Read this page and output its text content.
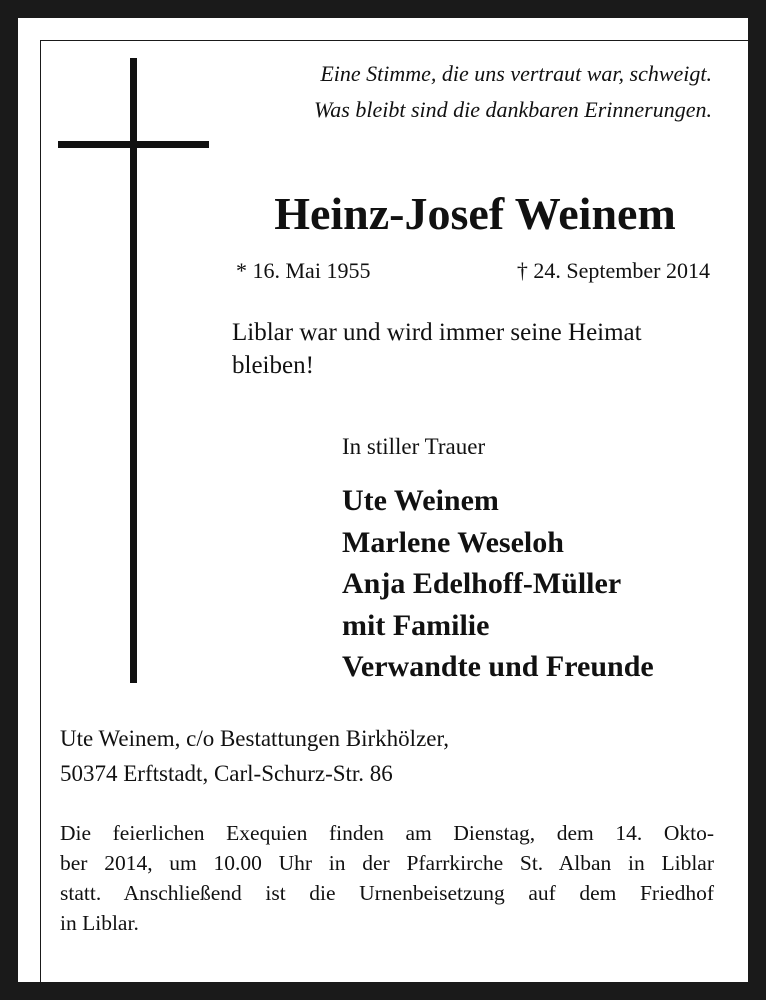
Eine Stimme, die uns vertraut war, schweigt.
Was bleibt sind die dankbaren Erinnerungen.
Heinz-Josef Weinem
* 16. Mai 1955	† 24. September 2014
Liblar war und wird immer seine Heimat
bleiben!
In stiller Trauer
Ute Weinem
Marlene Weseloh
Anja Edelhoff-Müller
mit Familie
Verwandte und Freunde
Ute Weinem, c/o Bestattungen Birkhölzer,
50374 Erftstadt, Carl-Schurz-Str. 86
Die feierlichen Exequien finden am Dienstag, dem 14. Okto-
ber 2014, um 10.00 Uhr in der Pfarrkirche St. Alban in Liblar
statt. Anschließend ist die Urnenbeisetzung auf dem Friedhof
in Liblar.
